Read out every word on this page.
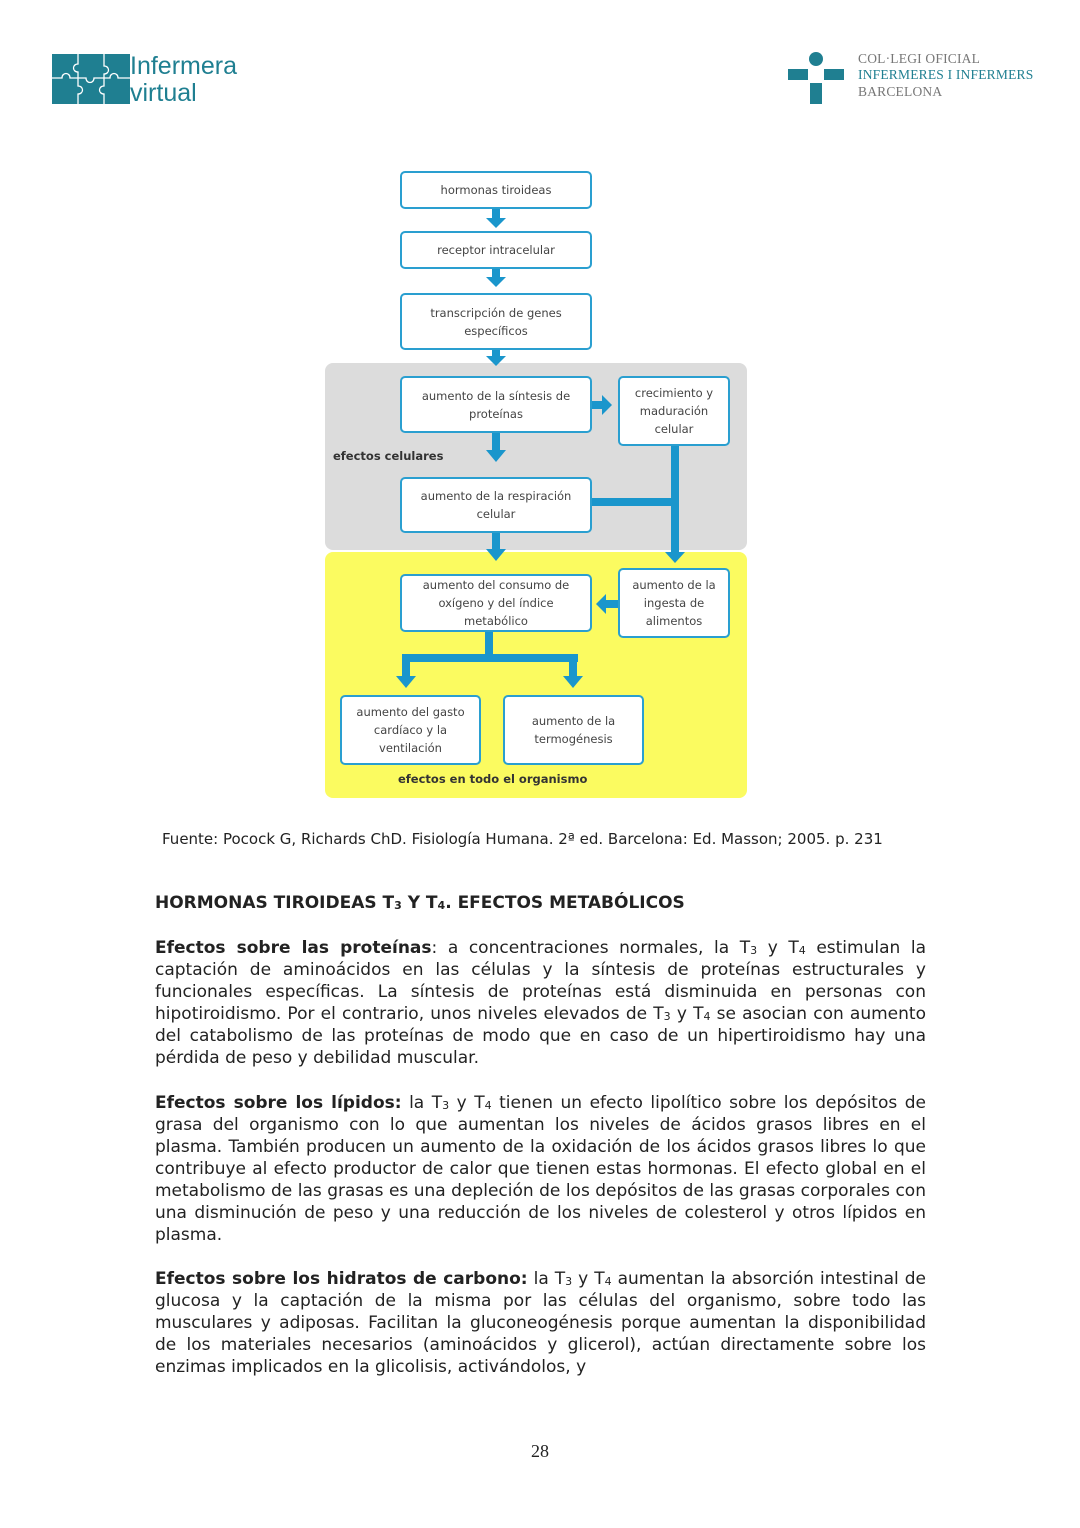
Infermera
virtual
COL·LEGI OFICIAL
INFERMERES I INFERMERS
BARCELONA
hormonas tiroideas
receptor intracelular
transcripción de genes específicos
aumento de la síntesis de proteínas
crecimiento y maduración celular
aumento de la respiración celular
aumento del consumo de oxígeno y del índice metabólico
aumento de la ingesta de alimentos
aumento del gasto cardíaco y la ventilación
aumento de la termogénesis
efectos celulares
efectos en todo el organismo
Fuente: Pocock G, Richards ChD. Fisiología Humana. 2ª ed. Barcelona: Ed. Masson; 2005. p. 231
HORMONAS TIROIDEAS $T_3$ Y $T_4$. EFECTOS METABÓLICOS
Efectos sobre las proteínas: a concentraciones normales, la $T_3$ y $T_4$ estimulan la captación de aminoácidos en las células y la síntesis de proteínas estructurales y funcionales específicas. La síntesis de proteínas está disminuida en personas con hipotiroidismo. Por el contrario, unos niveles elevados de $T_3$ y $T_4$ se asocian con aumento del catabolismo de las proteínas de modo que en caso de un hipertiroidismo hay una pérdida de peso y debilidad muscular.
Efectos sobre los lípidos: la $T_3$ y $T_4$ tienen un efecto lipolítico sobre los depósitos de grasa del organismo con lo que aumentan los niveles de ácidos grasos libres en el plasma. También producen un aumento de la oxidación de los ácidos grasos libres lo que contribuye al efecto productor de calor que tienen estas hormonas. El efecto global en el metabolismo de las grasas es una depleción de los depósitos de las grasas corporales con una disminución de peso y una reducción de los niveles de colesterol y otros lípidos en plasma.
Efectos sobre los hidratos de carbono: la $T_3$ y $T_4$ aumentan la absorción intestinal de glucosa y la captación de la misma por las células del organismo, sobre todo las musculares y adiposas. Facilitan la gluconeogénesis porque aumentan la disponibilidad de los materiales necesarios (aminoácidos y glicerol), actúan directamente sobre los enzimas implicados en la glicolisis, activándolos, y
28
